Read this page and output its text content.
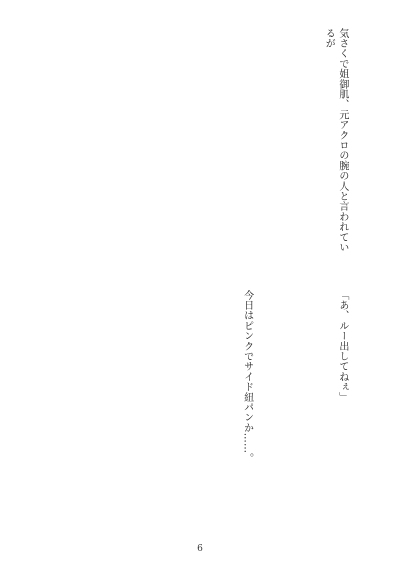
気さくで姐御肌、元アクロの腕の人と言われているが

「あ、ルー出してねぇ」

今日はピンクでサイド紐パンか……。

6
